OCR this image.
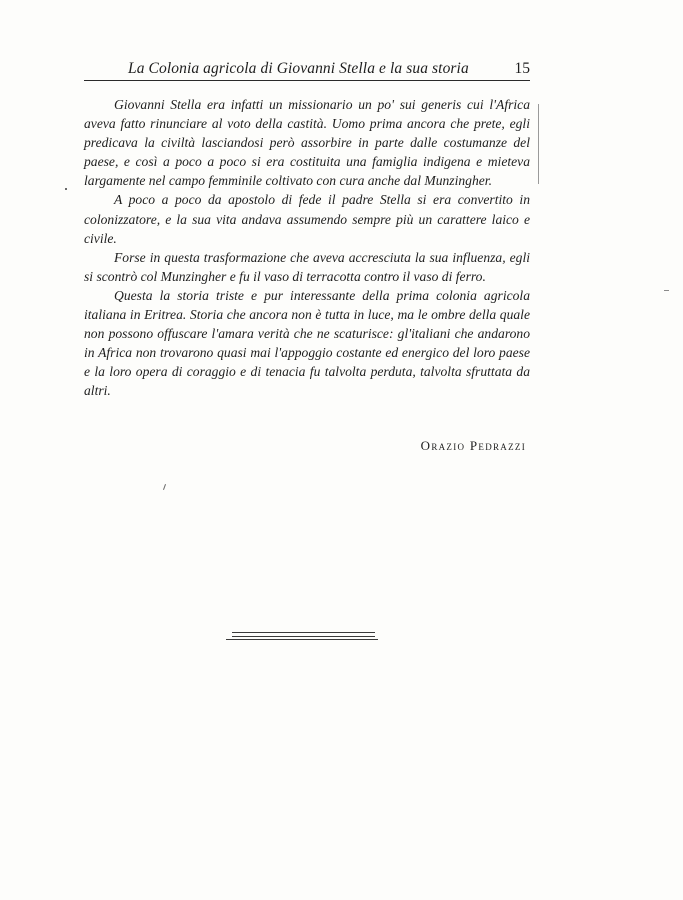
La Colonia agricola di Giovanni Stella e la sua storia	15

Giovanni Stella era infatti un missionario un po' sui generis cui l'Africa aveva fatto rinunciare al voto della castità. Uomo prima ancora che prete, egli predicava la civiltà lasciandosi però assorbire in parte dalle costumanze del paese, e così a poco a poco si era costituita una famiglia indigena e mieteva largamente nel campo femminile coltivato con cura anche dal Munzingher.

A poco a poco da apostolo di fede il padre Stella si era convertito in colonizzatore, e la sua vita andava assumendo sempre più un carattere laico e civile.

Forse in questa trasformazione che aveva accresciuta la sua influenza, egli si scontrò col Munzingher e fu il vaso di terracotta contro il vaso di ferro.

Questa la storia triste e pur interessante della prima colonia agricola italiana in Eritrea. Storia che ancora non è tutta in luce, ma le ombre della quale non possono offuscare l'amara verità che ne scaturisce: gl'italiani che andarono in Africa non trovarono quasi mai l'appoggio costante ed energico del loro paese e la loro opera di coraggio e di tenacia fu talvolta perduta, talvolta sfruttata da altri.

Orazio Pedrazzi
